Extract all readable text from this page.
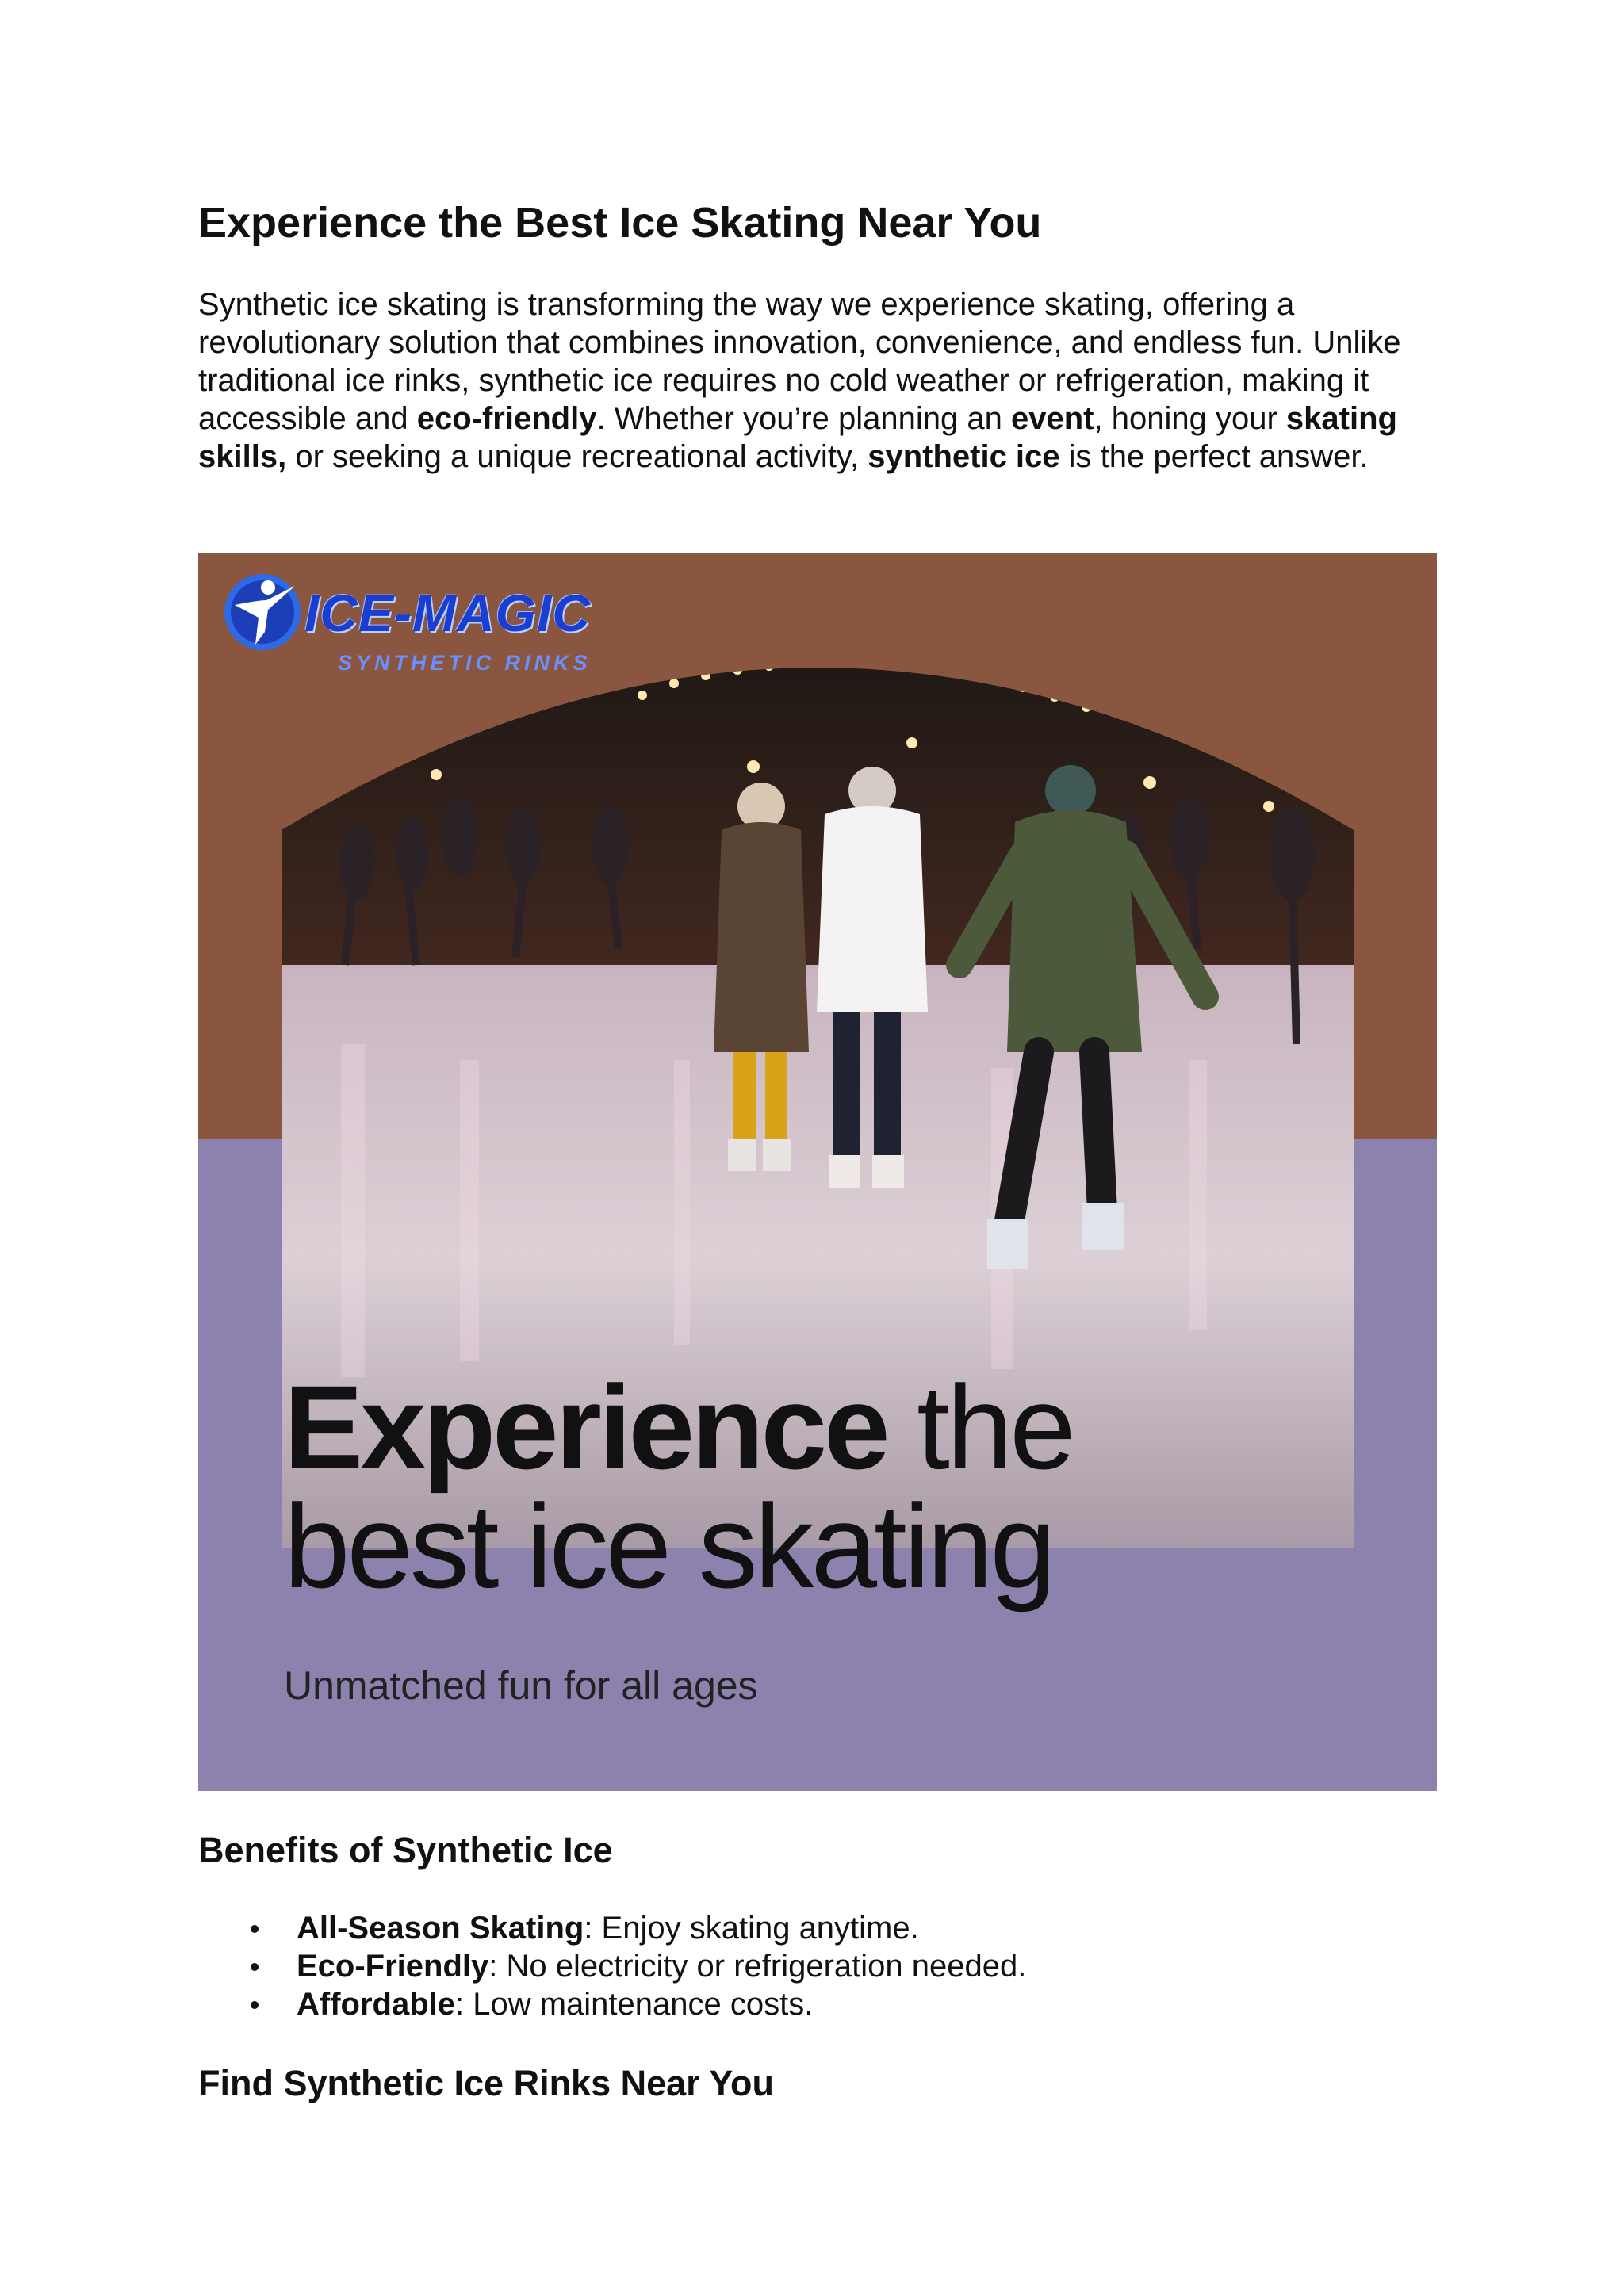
Experience the Best Ice Skating Near You

Synthetic ice skating is transforming the way we experience skating, offering a revolutionary solution that combines innovation, convenience, and endless fun. Unlike traditional ice rinks, synthetic ice requires no cold weather or refrigeration, making it accessible and eco-friendly. Whether you’re planning an event, honing your skating skills, or seeking a unique recreational activity, synthetic ice is the perfect answer.

ICE-MAGIC
SYNTHETIC RINKS
Experience the
best ice skating
Unmatched fun for all ages
Benefits of Synthetic Ice
All-Season Skating: Enjoy skating anytime.
Eco-Friendly: No electricity or refrigeration needed.
Affordable: Low maintenance costs.
Find Synthetic Ice Rinks Near You
